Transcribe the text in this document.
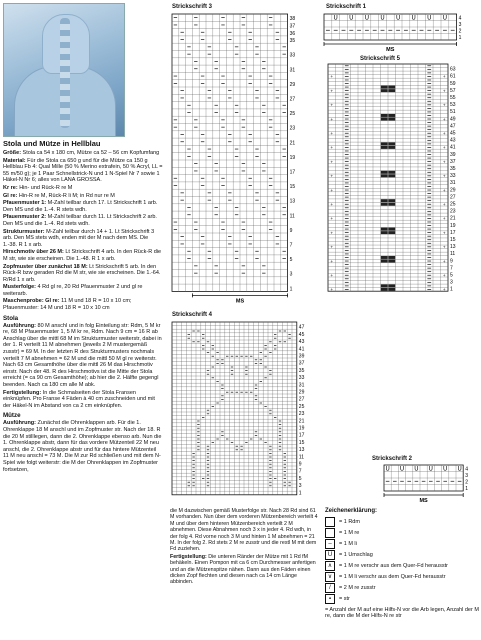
Stola und Mütze in Hellblau

Größe: Stola ca 54 x 180 cm, Mütze ca 52 – 56 cm Kopfumfang

Material: Für die Stola ca 650 g und für die Mütze ca 150 g Hellblau Fb 4: Qual Mille (50 % Merino extrafein, 50 % Acryl, LL = 55 m/50 g); je 1 Paar Schnellstrick-N und 1 N-Spiel Nr 7 sowie 1 Häkel-N Nr 6; alles von LANA GROSSA.

Kr re: Hin- und Rück-R re M

Gl re: Hin-R re M, Rück-R li M; in Rd nur re M

Pfauenmuster 1: M-Zahl teilbar durch 17. Lt Strickschrift 1 arb. Den MS und die 1.-4. R stets wdh.

Pfauenmuster 2: M-Zahl teilbar durch 11. Lt Strickschrift 2 arb. Den MS und die 1.-4. Rd stets wdh.

Strukturmuster: M-Zahl teilbar durch 14 + 1. Lt Strickschrift 3 arb. Den MS stets wdh, enden mit der M nach dem MS. Die 1.-38. R 1 x arb.

Hirschmotiv über 26 M: Lt Strickschrift 4 arb. In den Rück-R die M str, wie sie erscheinen. Die 1.-48. R 1 x arb.

Zopfmuster über zunächst 18 M: Lt Strickschrift 5 arb. In den Rück-R bzw geraden Rd die M str, wie sie erscheinen. Die 1.-64. R/Rd 1 x arb.

Musterfolge: 4 Rd gl re, 20 Rd Pfauenmuster 2 und gl re weiterarb.

Maschenprobe: Gl re: 11 M und 18 R = 10 x 10 cm; Pfauenmuster: 14 M und 18 R = 10 x 10 cm

Stola

Ausführung: 80 M anschl und in folg Einteilung str: Rdm, 5 M kr re, 68 M Pfauenmuster 1, 5 M kr re, Rdm. Nach 9 cm = 16 R ab Anschlag über die mittl 68 M im Strukturmuster weiterstr, dabei in der 1. R verteilt 11 M abnehmen (jeweils 2 M mustergemäß zusstr) = 69 M. In der letzten R des Strukturmusters nochmals verteilt 7 M abnehmen = 62 M und die mittl 50 M gl re weiterstr. Nach 63 cm Gesamthöhe über die mittl 26 M das Hirschmotiv einstr. Nach der 48. R des Hirschmotivs ist die Mitte der Stola erreicht (= ca 90 cm Gesamthöhe); ab hier die 2. Hälfte gegengl beenden. Nach ca 180 cm alle M abk.

Fertigstellung: In die Schmalseiten der Stola Fransen einknüpfen. Pro Franse 4 Fäden à 40 cm zuschneiden und mit der Häkel-N im Abstand von ca 2 cm einknüpfen.

Mütze

Ausführung: Zunächst die Ohrenklappen arb. Für die 1. Ohrenklappe 18 M anschl und im Zopfmuster str. Nach der 18. R die 20 M stilllegen, dann die 2. Ohrenklappe ebenso arb. Nun die 1. Ohrenklappe abstr, dann für das vordere Mützenteil 22 M neu anschl, die 2. Ohrenklappe abstr und für das hintere Mützenteil 11 M neu anschl = 73 M. Die M zur Rd schließen und mit dem N-Spiel wie folgt weiterstr: die M der Ohrenklappen im Zopfmuster fortsetzen,

die M dazwischen gemäß Musterfolge str. Nach 28 Rd sind 61 M vorhanden. Nun über dem vorderen Mützenbereich verteilt 4 M und über dem hinteren Mützenbereich verteilt 2 M abnehmen. Diese Abnahmen noch 3 x in jeder 4. Rd wdh, in der folg 4. Rd vorne noch 3 M und hinten 1 M abnehmen = 21 M. In der folg 2. Rd stets 2 M re zusstr und die restl M mit dem Fd zuziehen.

Fertigstellung: Die unteren Ränder der Mütze mit 1 Rd fM behäkeln. Einen Pompon mit ca 6 cm Durchmesser anfertigen und an die Mützenspitze nähen. Dann aus den Fäden einen dicken Zopf flechten und diesen nach ca 14 cm Länge abbinden.

Strickschrift 3
Strickschrift 4
Strickschrift 1
Strickschrift 5
Strickschrift 2
38
37
36
35
33
31
29
27
25
23
21
19
17
15
13
11
9
7
5
3
1
MS
47
45
43
41
39
37
35
33
31
29
27
25
23
21
19
17
15
13
11
9
7
5
3
1
U U U U U U U U 4
3
2
1
MS
+	+
+	+
+	+
+	+
+	+
+	+
+	+
+	+
+	+
+	+
+	+
+	+
+	+
+	+
+	+
+	+
63
61
59
57
55
53
51
49
47
45
43
41
39
37
35
33
31
29
27
25
23
21
19
17
15
13
11
9
7
5
3
1
U U U U U U 4
3
2
1
MS
Zeichenerklärung:
= 1 Rdm
= 1 M re
–	= 1 M li
U	= 1 Umschlag
∧	= 1 M re verschr aus dem Quer-Fd herausstr
∨	= 1 M li verschr aus dem Quer-Fd herausstr
/	= 2 M re zusstr
▪	= str
= Anzahl der M auf eine Hilfs-N vor die Arb legen, Anzahl der M re, dann die M der Hilfs-N re str
